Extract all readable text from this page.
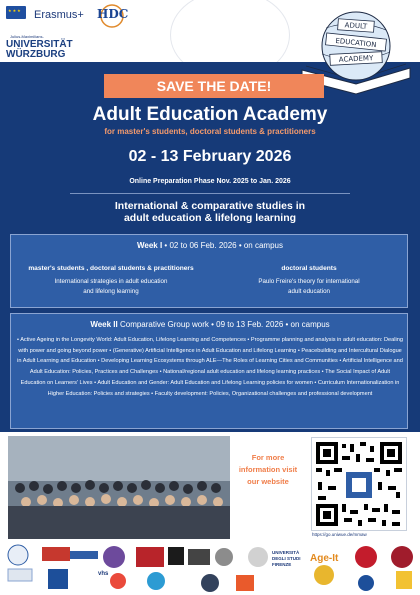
★★★
Erasmus+ HDC
Julius-Maximilians-
UNIVERSITÄT WÜRZBURG
ADULT
EDUCATION
ACADEMY
SAVE THE DATE!
Adult Education Academy
for master's students, doctoral students & practitioners
02 - 13 February 2026
Online Preparation Phase Nov. 2025 to Jan. 2026
International & comparative studies in
adult education & lifelong learning
Week I • 02 to 06 Feb. 2026 • on campus
master's students , doctoral students & practitioners
International strategies in adult education
and lifelong learning
doctoral students
Paulo Freire's theory for international
adult education
Week II Comparative Group work • 09 to 13 Feb. 2026 • on campus
• Active Ageing in the Longevity World: Adult Education, Lifelong Learning and Competences • Programme planning and analysis in adult education: Dealing with power and going beyond power • (Generative) Artificial Intelligence in Adult Education and Lifelong Learning • Peacebuilding and Intercultural Dialogue in Adult Learning and Education • Developing Learning Ecosystems through ALE—The Roles of Learning Cities and Communities • Artificial Intelligence and Adult Education: Policies, Practices and Challenges • National/regional adult education and lifelong learning practices • The Social Impact of Adult Education on Learners' Lives • Adult Education and Gender: Adult Education and Lifelong Learning policies for women • Curriculum Internationalization in Higher Education: Policies and strategies • Faculty development: Policies, Organizational challenges and professional development
For more
information visit
our website
https://go.uniwue.de/mmaw
vhs
UNIVERSITÀ
DEGLI STUDI
FIRENZE
Age-It
